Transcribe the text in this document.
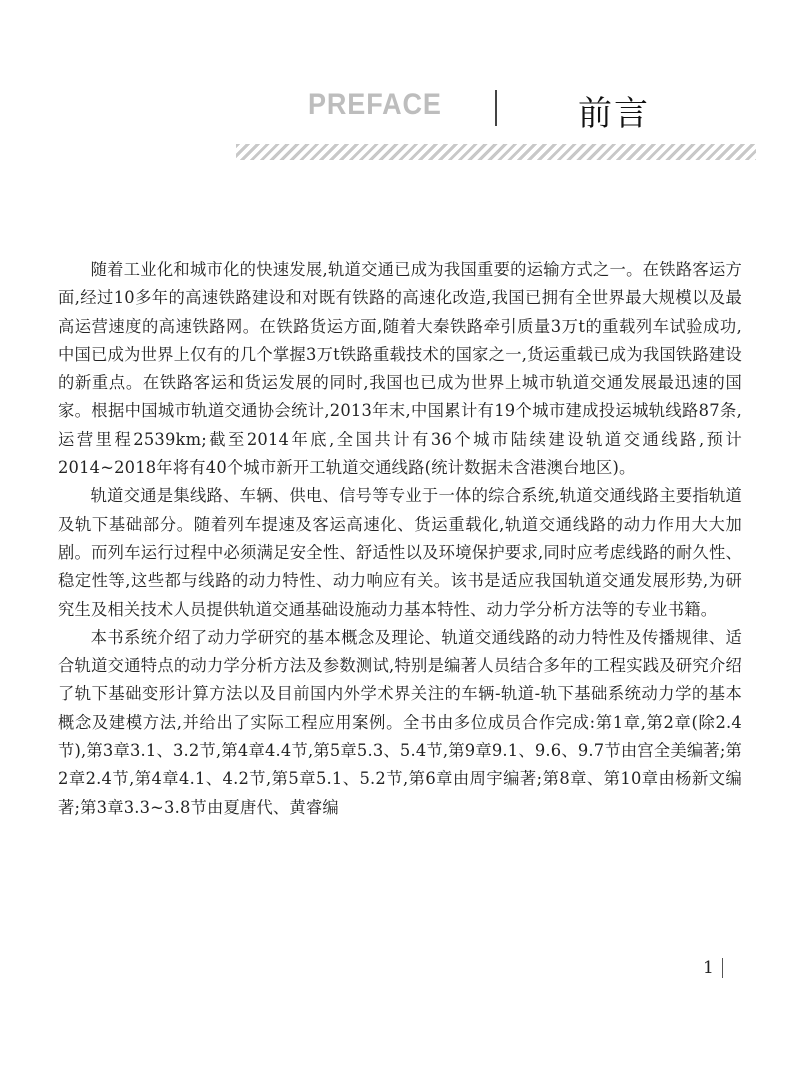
PREFACE	前言

随着工业化和城市化的快速发展,轨道交通已成为我国重要的运输方式之一。在铁路客运方面,经过10多年的高速铁路建设和对既有铁路的高速化改造,我国已拥有全世界最大规模以及最高运营速度的高速铁路网。在铁路货运方面,随着大秦铁路牵引质量3万t的重载列车试验成功,中国已成为世界上仅有的几个掌握3万t铁路重载技术的国家之一,货运重载已成为我国铁路建设的新重点。在铁路客运和货运发展的同时,我国也已成为世界上城市轨道交通发展最迅速的国家。根据中国城市轨道交通协会统计,2013年末,中国累计有19个城市建成投运城轨线路87条,运营里程2539km;截至2014年底,全国共计有36个城市陆续建设轨道交通线路,预计2014~2018年将有40个城市新开工轨道交通线路(统计数据未含港澳台地区)。

轨道交通是集线路、车辆、供电、信号等专业于一体的综合系统,轨道交通线路主要指轨道及轨下基础部分。随着列车提速及客运高速化、货运重载化,轨道交通线路的动力作用大大加剧。而列车运行过程中必须满足安全性、舒适性以及环境保护要求,同时应考虑线路的耐久性、稳定性等,这些都与线路的动力特性、动力响应有关。该书是适应我国轨道交通发展形势,为研究生及相关技术人员提供轨道交通基础设施动力基本特性、动力学分析方法等的专业书籍。

本书系统介绍了动力学研究的基本概念及理论、轨道交通线路的动力特性及传播规律、适合轨道交通特点的动力学分析方法及参数测试,特别是编著人员结合多年的工程实践及研究介绍了轨下基础变形计算方法以及目前国内外学术界关注的车辆-轨道-轨下基础系统动力学的基本概念及建模方法,并给出了实际工程应用案例。全书由多位成员合作完成:第1章,第2章(除2.4节),第3章3.1、3.2节,第4章4.4节,第5章5.3、5.4节,第9章9.1、9.6、9.7节由宫全美编著;第2章2.4节,第4章4.1、4.2节,第5章5.1、5.2节,第6章由周宇编著;第8章、第10章由杨新文编著;第3章3.3~3.8节由夏唐代、黄睿编

1
